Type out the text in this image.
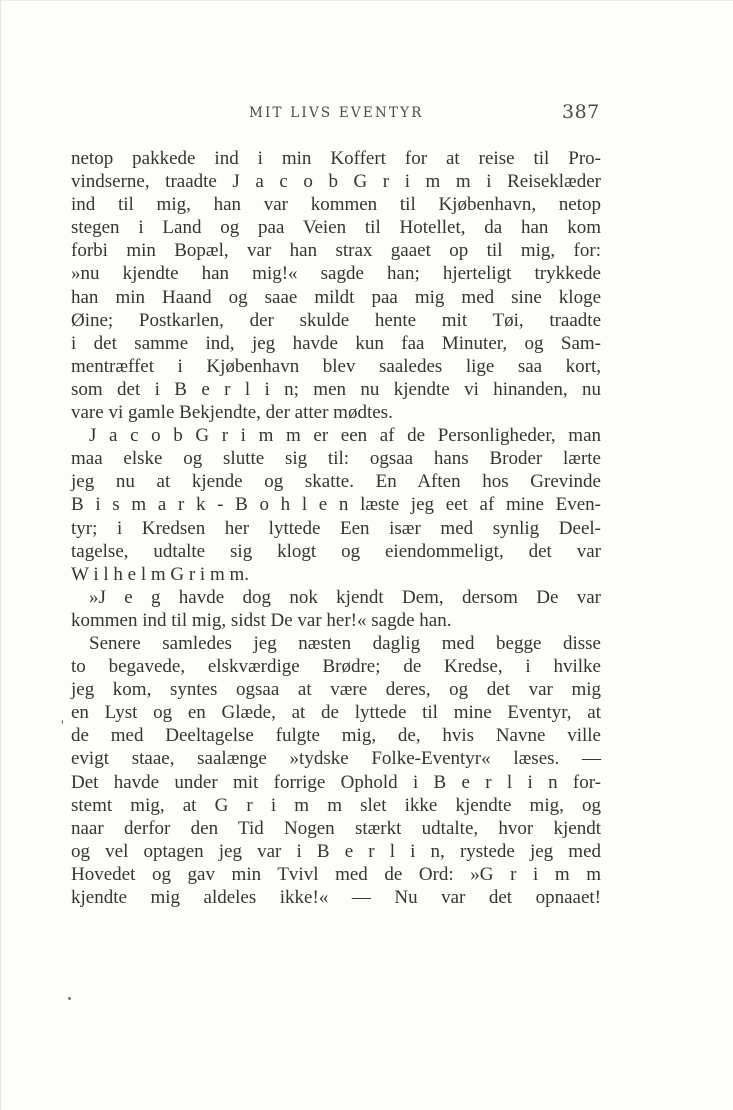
MIT LIVS EVENTYR	387
netop pakkede ind i min Koffert for at reise til Pro-
vindserne, traadte J a c o b G r i m m i Reiseklæder
ind til mig, han var kommen til Kjøbenhavn, netop
stegen i Land og paa Veien til Hotellet, da han kom
forbi min Bopæl, var han strax gaaet op til mig, for:
»nu kjendte han mig!« sagde han; hjerteligt trykkede
han min Haand og saae mildt paa mig med sine kloge
Øine; Postkarlen, der skulde hente mit Tøi, traadte
i det samme ind, jeg havde kun faa Minuter, og Sam-
mentræffet i Kjøbenhavn blev saaledes lige saa kort,
som det i B e r l i n; men nu kjendte vi hinanden, nu
vare vi gamle Bekjendte, der atter mødtes.
J a c o b G r i m m er een af de Personligheder, man
maa elske og slutte sig til: ogsaa hans Broder lærte
jeg nu at kjende og skatte. En Aften hos Grevinde
B i s m a r k - B o h l e n læste jeg eet af mine Even-
tyr; i Kredsen her lyttede Een især med synlig Deel-
tagelse, udtalte sig klogt og eiendommeligt, det var
W i l h e l m G r i m m.
»J e g havde dog nok kjendt Dem, dersom De var
kommen ind til mig, sidst De var her!« sagde han.
Senere samledes jeg næsten daglig med begge disse
to begavede, elskværdige Brødre; de Kredse, i hvilke
jeg kom, syntes ogsaa at være deres, og det var mig
en Lyst og en Glæde, at de lyttede til mine Eventyr, at
de med Deeltagelse fulgte mig, de, hvis Navne ville
evigt staae, saalænge »tydske Folke-Eventyr« læses. —
Det havde under mit forrige Ophold i B e r l i n for-
stemt mig, at G r i m m slet ikke kjendte mig, og
naar derfor den Tid Nogen stærkt udtalte, hvor kjendt
og vel optagen jeg var i B e r l i n, rystede jeg med
Hovedet og gav min Tvivl med de Ord: »G r i m m
kjendte mig aldeles ikke!« — Nu var det opnaaet!
'
